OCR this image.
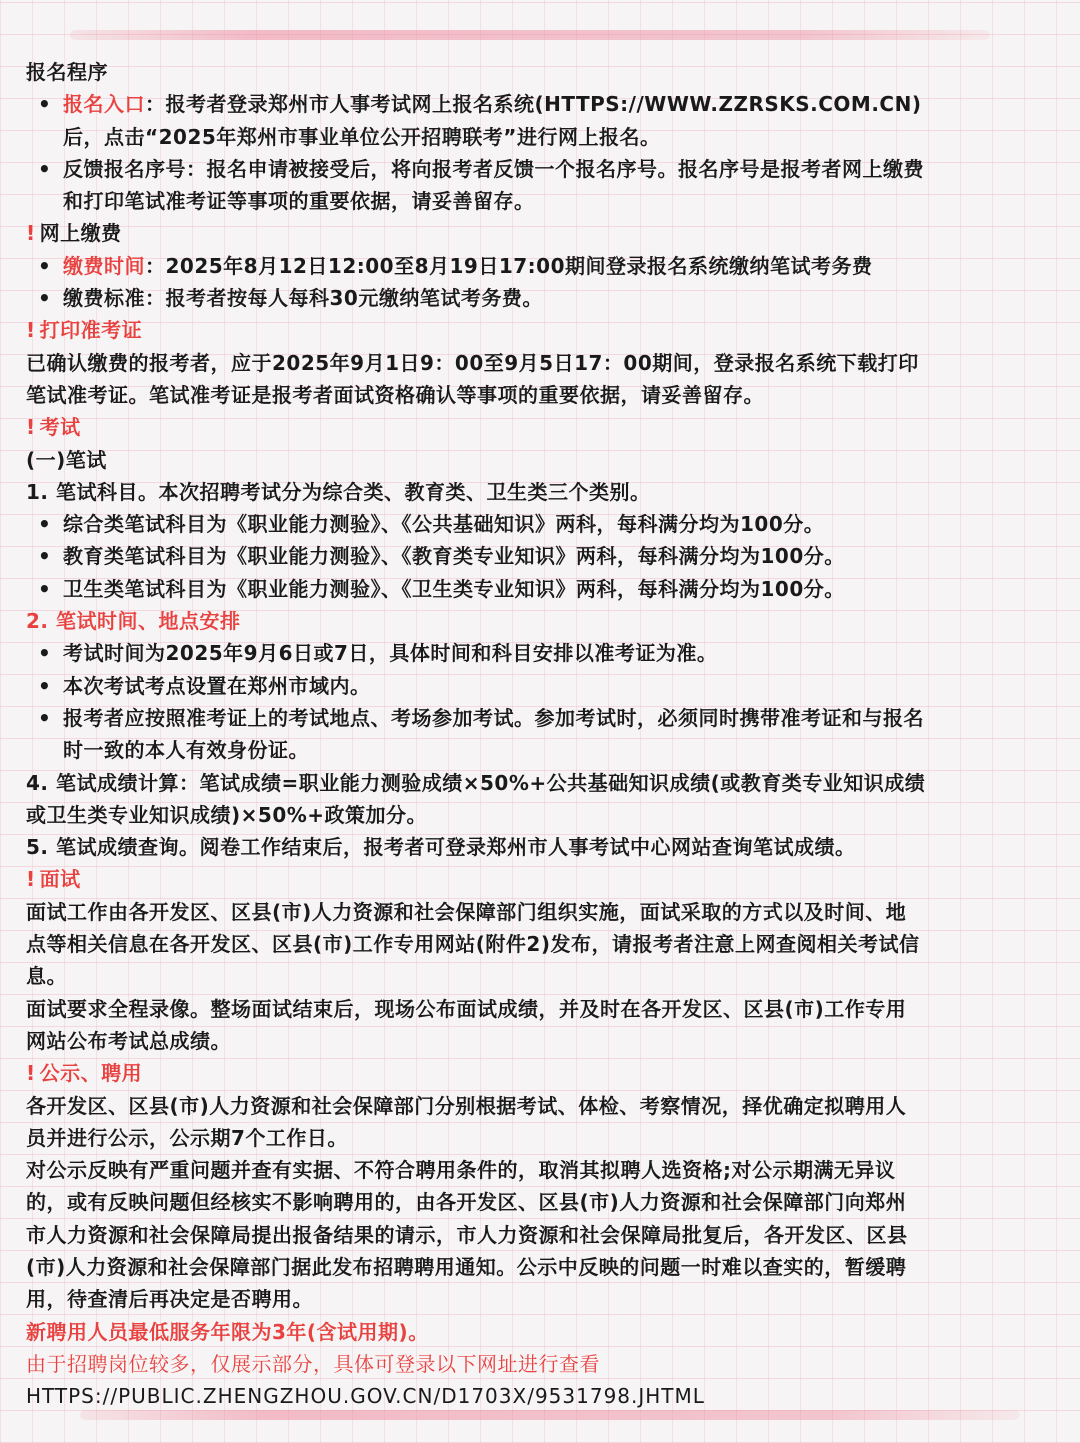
报名程序
• 报名入口：报考者登录郑州市人事考试网上报名系统(HTTPS://WWW.ZZRSKS.COM.CN)
后，点击“2025年郑州市事业单位公开招聘联考”进行网上报名。
• 反馈报名序号：报名申请被接受后，将向报考者反馈一个报名序号。报名序号是报考者网上缴费
和打印笔试准考证等事项的重要依据，请妥善留存。
! 网上缴费
• 缴费时间：2025年8月12日12:00至8月19日17:00期间登录报名系统缴纳笔试考务费
• 缴费标准：报考者按每人每科30元缴纳笔试考务费。
! 打印准考证
已确认缴费的报考者，应于2025年9月1日9：00至9月5日17：00期间，登录报名系统下载打印
笔试准考证。笔试准考证是报考者面试资格确认等事项的重要依据，请妥善留存。
! 考试
(一)笔试
1. 笔试科目。本次招聘考试分为综合类、教育类、卫生类三个类别。
• 综合类笔试科目为《职业能力测验》、《公共基础知识》两科，每科满分均为100分。
• 教育类笔试科目为《职业能力测验》、《教育类专业知识》两科，每科满分均为100分。
• 卫生类笔试科目为《职业能力测验》、《卫生类专业知识》两科，每科满分均为100分。
2. 笔试时间、地点安排
• 考试时间为2025年9月6日或7日，具体时间和科目安排以准考证为准。
• 本次考试考点设置在郑州市域内。
• 报考者应按照准考证上的考试地点、考场参加考试。参加考试时，必须同时携带准考证和与报名
时一致的本人有效身份证。
4. 笔试成绩计算：笔试成绩=职业能力测验成绩×50%+公共基础知识成绩(或教育类专业知识成绩
或卫生类专业知识成绩)×50%+政策加分。
5. 笔试成绩查询。阅卷工作结束后，报考者可登录郑州市人事考试中心网站查询笔试成绩。
! 面试
面试工作由各开发区、区县(市)人力资源和社会保障部门组织实施，面试采取的方式以及时间、地
点等相关信息在各开发区、区县(市)工作专用网站(附件2)发布，请报考者注意上网查阅相关考试信
息。
面试要求全程录像。整场面试结束后，现场公布面试成绩，并及时在各开发区、区县(市)工作专用
网站公布考试总成绩。
! 公示、聘用
各开发区、区县(市)人力资源和社会保障部门分别根据考试、体检、考察情况，择优确定拟聘用人
员并进行公示，公示期7个工作日。
对公示反映有严重问题并查有实据、不符合聘用条件的，取消其拟聘人选资格;对公示期满无异议
的，或有反映问题但经核实不影响聘用的，由各开发区、区县(市)人力资源和社会保障部门向郑州
市人力资源和社会保障局提出报备结果的请示，市人力资源和社会保障局批复后，各开发区、区县
(市)人力资源和社会保障部门据此发布招聘聘用通知。公示中反映的问题一时难以查实的，暂缓聘
用，待查清后再决定是否聘用。
新聘用人员最低服务年限为3年(含试用期)。
由于招聘岗位较多，仅展示部分，具体可登录以下网址进行查看
HTTPS://PUBLIC.ZHENGZHOU.GOV.CN/D1703X/9531798.JHTML
